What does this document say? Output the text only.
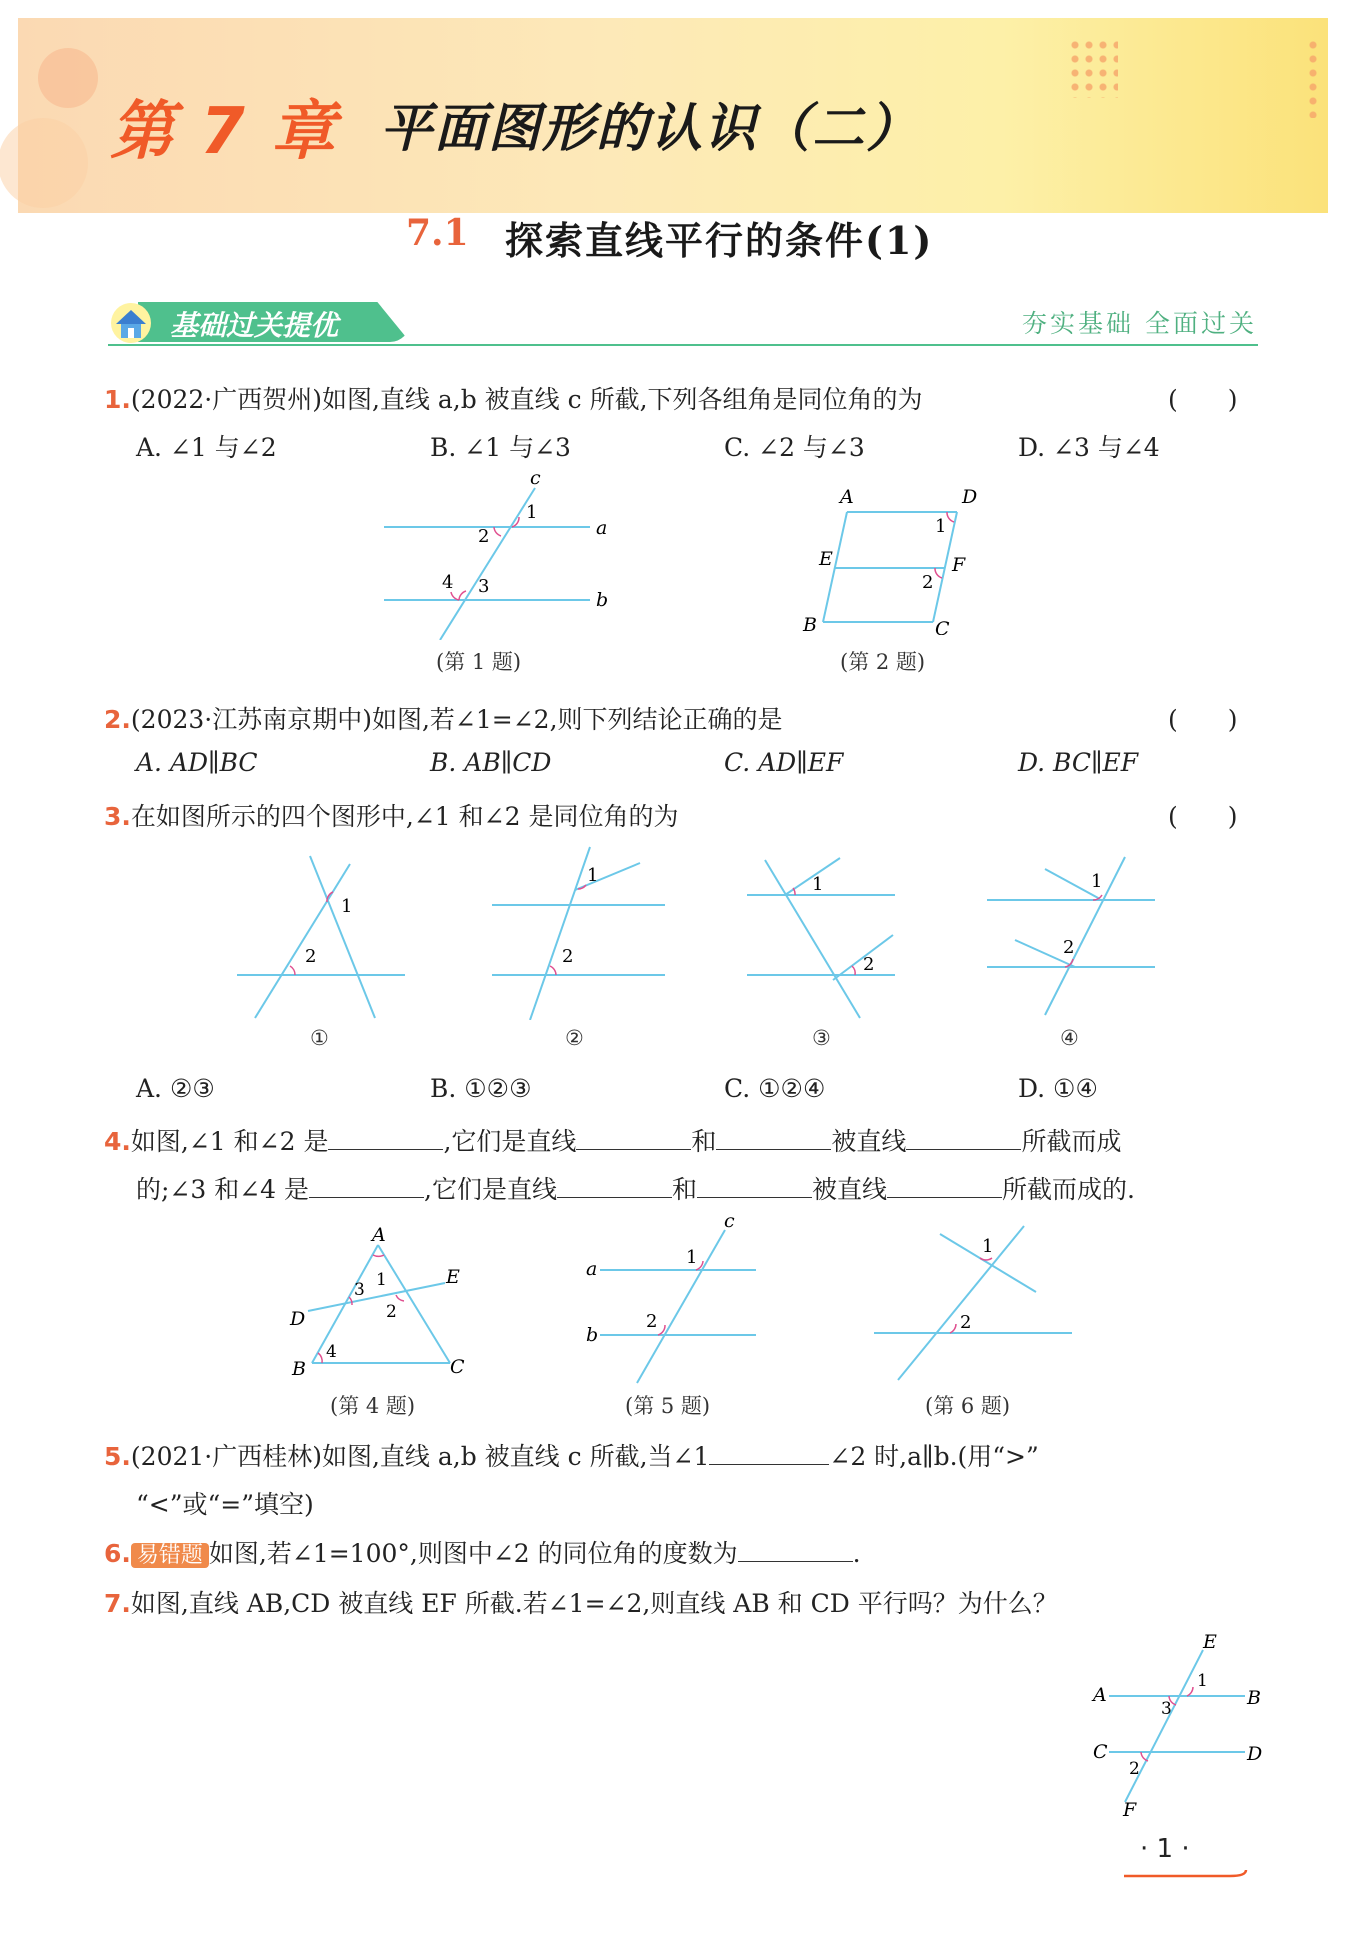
第 7 章 平面图形的认识（二）
7.1 探索直线平行的条件(1)
基础过关提优	夯实基础 全面过关
1.(2022·广西贺州)如图,直线 a,b 被直线 c 所截,下列各组角是同位角的为	(　　)
A. ∠1 与∠2	B. ∠1 与∠3	C. ∠2 与∠3	D. ∠3 与∠4
c
a
b
1
2
3
4
(第 1 题)
A	D
E	F
B	C
1
2
(第 2 题)
2.(2023·江苏南京期中)如图,若∠1=∠2,则下列结论正确的是	(　　)
A. AD∥BC	B. AB∥CD	C. AD∥EF	D. BC∥EF
3.在如图所示的四个图形中,∠1 和∠2 是同位角的为	(　　)
1
2
1
2
1
2
1
2
①	②	③	④
A. ②③	B. ①②③	C. ①②④	D. ①④
4.如图,∠1 和∠2 是	,它们是直线	和	被直线	所截而成
的;∠3 和∠4 是	,它们是直线	和	被直线	所截而成的.
A
E
D
B	C
1
2
3
4
(第 4 题)
c
a
b
1
2
(第 5 题)
1
2
(第 6 题)
5.(2021·广西桂林)如图,直线 a,b 被直线 c 所截,当∠1	∠2 时,a∥b.(用“>”
“<”或“=”填空)
6. 易错题 如图,若∠1=100°,则图中∠2 的同位角的度数为	.
7.如图,直线 AB,CD 被直线 EF 所截.若∠1=∠2,则直线 AB 和 CD 平行吗？为什么？
E
A	B
C	D
F
1
3
2
· 1 ·
